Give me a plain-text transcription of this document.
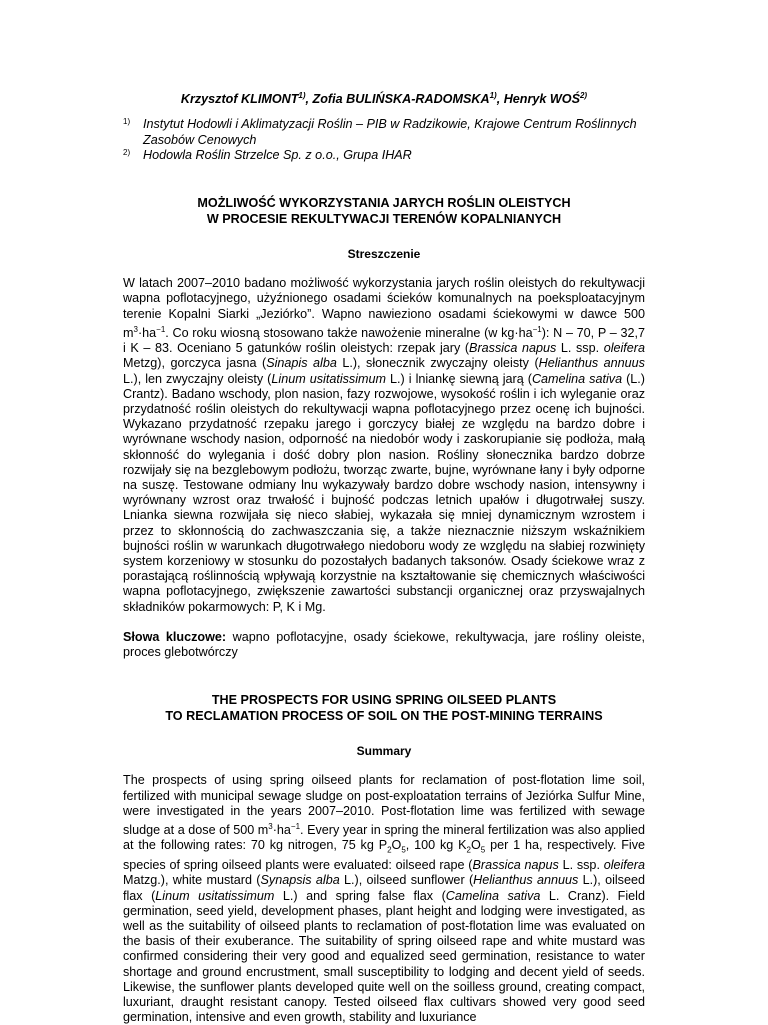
Krzysztof KLIMONT$^{1)}$, Zofia BULIŃSKA-RADOMSKA$^{1)}$, Henryk WOŚ$^{2)}$
1)	Instytut Hodowli i Aklimatyzacji Roślin – PIB w Radzikowie, Krajowe Centrum Roślinnych Zasobów Cenowych
2)	Hodowla Roślin Strzelce Sp. z o.o., Grupa IHAR
MOŻLIWOŚĆ WYKORZYSTANIA JARYCH ROŚLIN OLEISTYCH
W PROCESIE REKULTYWACJI TERENÓW KOPALNIANYCH
Streszczenie
W latach 2007–2010 badano możliwość wykorzystania jarych roślin oleistych do rekultywacji wapna poflotacyjnego, użyźnionego osadami ścieków komunalnych na poeksploatacyjnym terenie Kopalni Siarki „Jeziórko”. Wapno nawieziono osadami ściekowymi w dawce 500 $m^3\cdot ha^{-1}$. Co roku wiosną stosowano także nawożenie mineralne (w $kg\cdot ha^{-1}$): N – 70, P – 32,7 i K – 83. Oceniano 5 gatunków roślin oleistych: rzepak jary (Brassica napus L. ssp. oleifera Metzg), gorczyca jasna (Sinapis alba L.), słonecznik zwyczajny oleisty (Helianthus annuus L.), len zwyczajny oleisty (Linum usitatissimum L.) i lniankę siewną jarą (Camelina sativa (L.) Crantz). Badano wschody, plon nasion, fazy rozwojowe, wysokość roślin i ich wyleganie oraz przydatność roślin oleistych do rekultywacji wapna poflotacyjnego przez ocenę ich bujności. Wykazano przydatność rzepaku jarego i gorczycy białej ze względu na bardzo dobre i wyrównane wschody nasion, odporność na niedobór wody i zaskorupianie się podłoża, małą skłonność do wylegania i dość dobry plon nasion. Rośliny słonecznika bardzo dobrze rozwijały się na bezglebowym podłożu, tworząc zwarte, bujne, wyrównane łany i były odporne na suszę. Testowane odmiany lnu wykazywały bardzo dobre wschody nasion, intensywny i wyrównany wzrost oraz trwałość i bujność podczas letnich upałów i długotrwałej suszy. Lnianka siewna rozwijała się nieco słabiej, wykazała się mniej dynamicznym wzrostem i przez to skłonnością do zachwaszczania się, a także nieznacznie niższym wskaźnikiem bujności roślin w warunkach długotrwałego niedoboru wody ze względu na słabiej rozwinięty system korzeniowy w stosunku do pozostałych badanych taksonów. Osady ściekowe wraz z porastającą roślinnością wpływają korzystnie na kształtowanie się chemicznych właściwości wapna poflotacyjnego, zwiększenie zawartości substancji organicznej oraz przyswajalnych składników pokarmowych: P, K i Mg.
Słowa kluczowe: wapno poflotacyjne, osady ściekowe, rekultywacja, jare rośliny oleiste, proces glebotwórczy
THE PROSPECTS FOR USING SPRING OILSEED PLANTS
TO RECLAMATION PROCESS OF SOIL ON THE POST-MINING TERRAINS
Summary
The prospects of using spring oilseed plants for reclamation of post-flotation lime soil, fertilized with municipal sewage sludge on post-exploatation terrains of Jeziórka Sulfur Mine, were investigated in the years 2007–2010. Post-flotation lime was fertilized with sewage sludge at a dose of 500 $m^3\cdot ha^{-1}$. Every year in spring the mineral fertilization was also applied at the following rates: 70 kg nitrogen, 75 kg $P_2O_5$, 100 kg $K_2O_5$ per 1 ha, respectively. Five species of spring oilseed plants were evaluated: oilseed rape (Brassica napus L. ssp. oleifera Matzg.), white mustard (Synapsis alba L.), oilseed sunflower (Helianthus annuus L.), oilseed flax (Linum usitatissimum L.) and spring false flax (Camelina sativa L. Cranz). Field germination, seed yield, development phases, plant height and lodging were investigated, as well as the suitability of oilseed plants to reclamation of post-flotation lime was evaluated on the basis of their exuberance. The suitability of spring oilseed rape and white mustard was confirmed considering their very good and equalized seed germination, resistance to water shortage and ground encrustment, small susceptibility to lodging and decent yield of seeds. Likewise, the sunflower plants developed quite well on the soilless ground, creating compact, luxuriant, draught resistant canopy. Tested oilseed flax cultivars showed very good seed germination, intensive and even growth, stability and luxuriance
